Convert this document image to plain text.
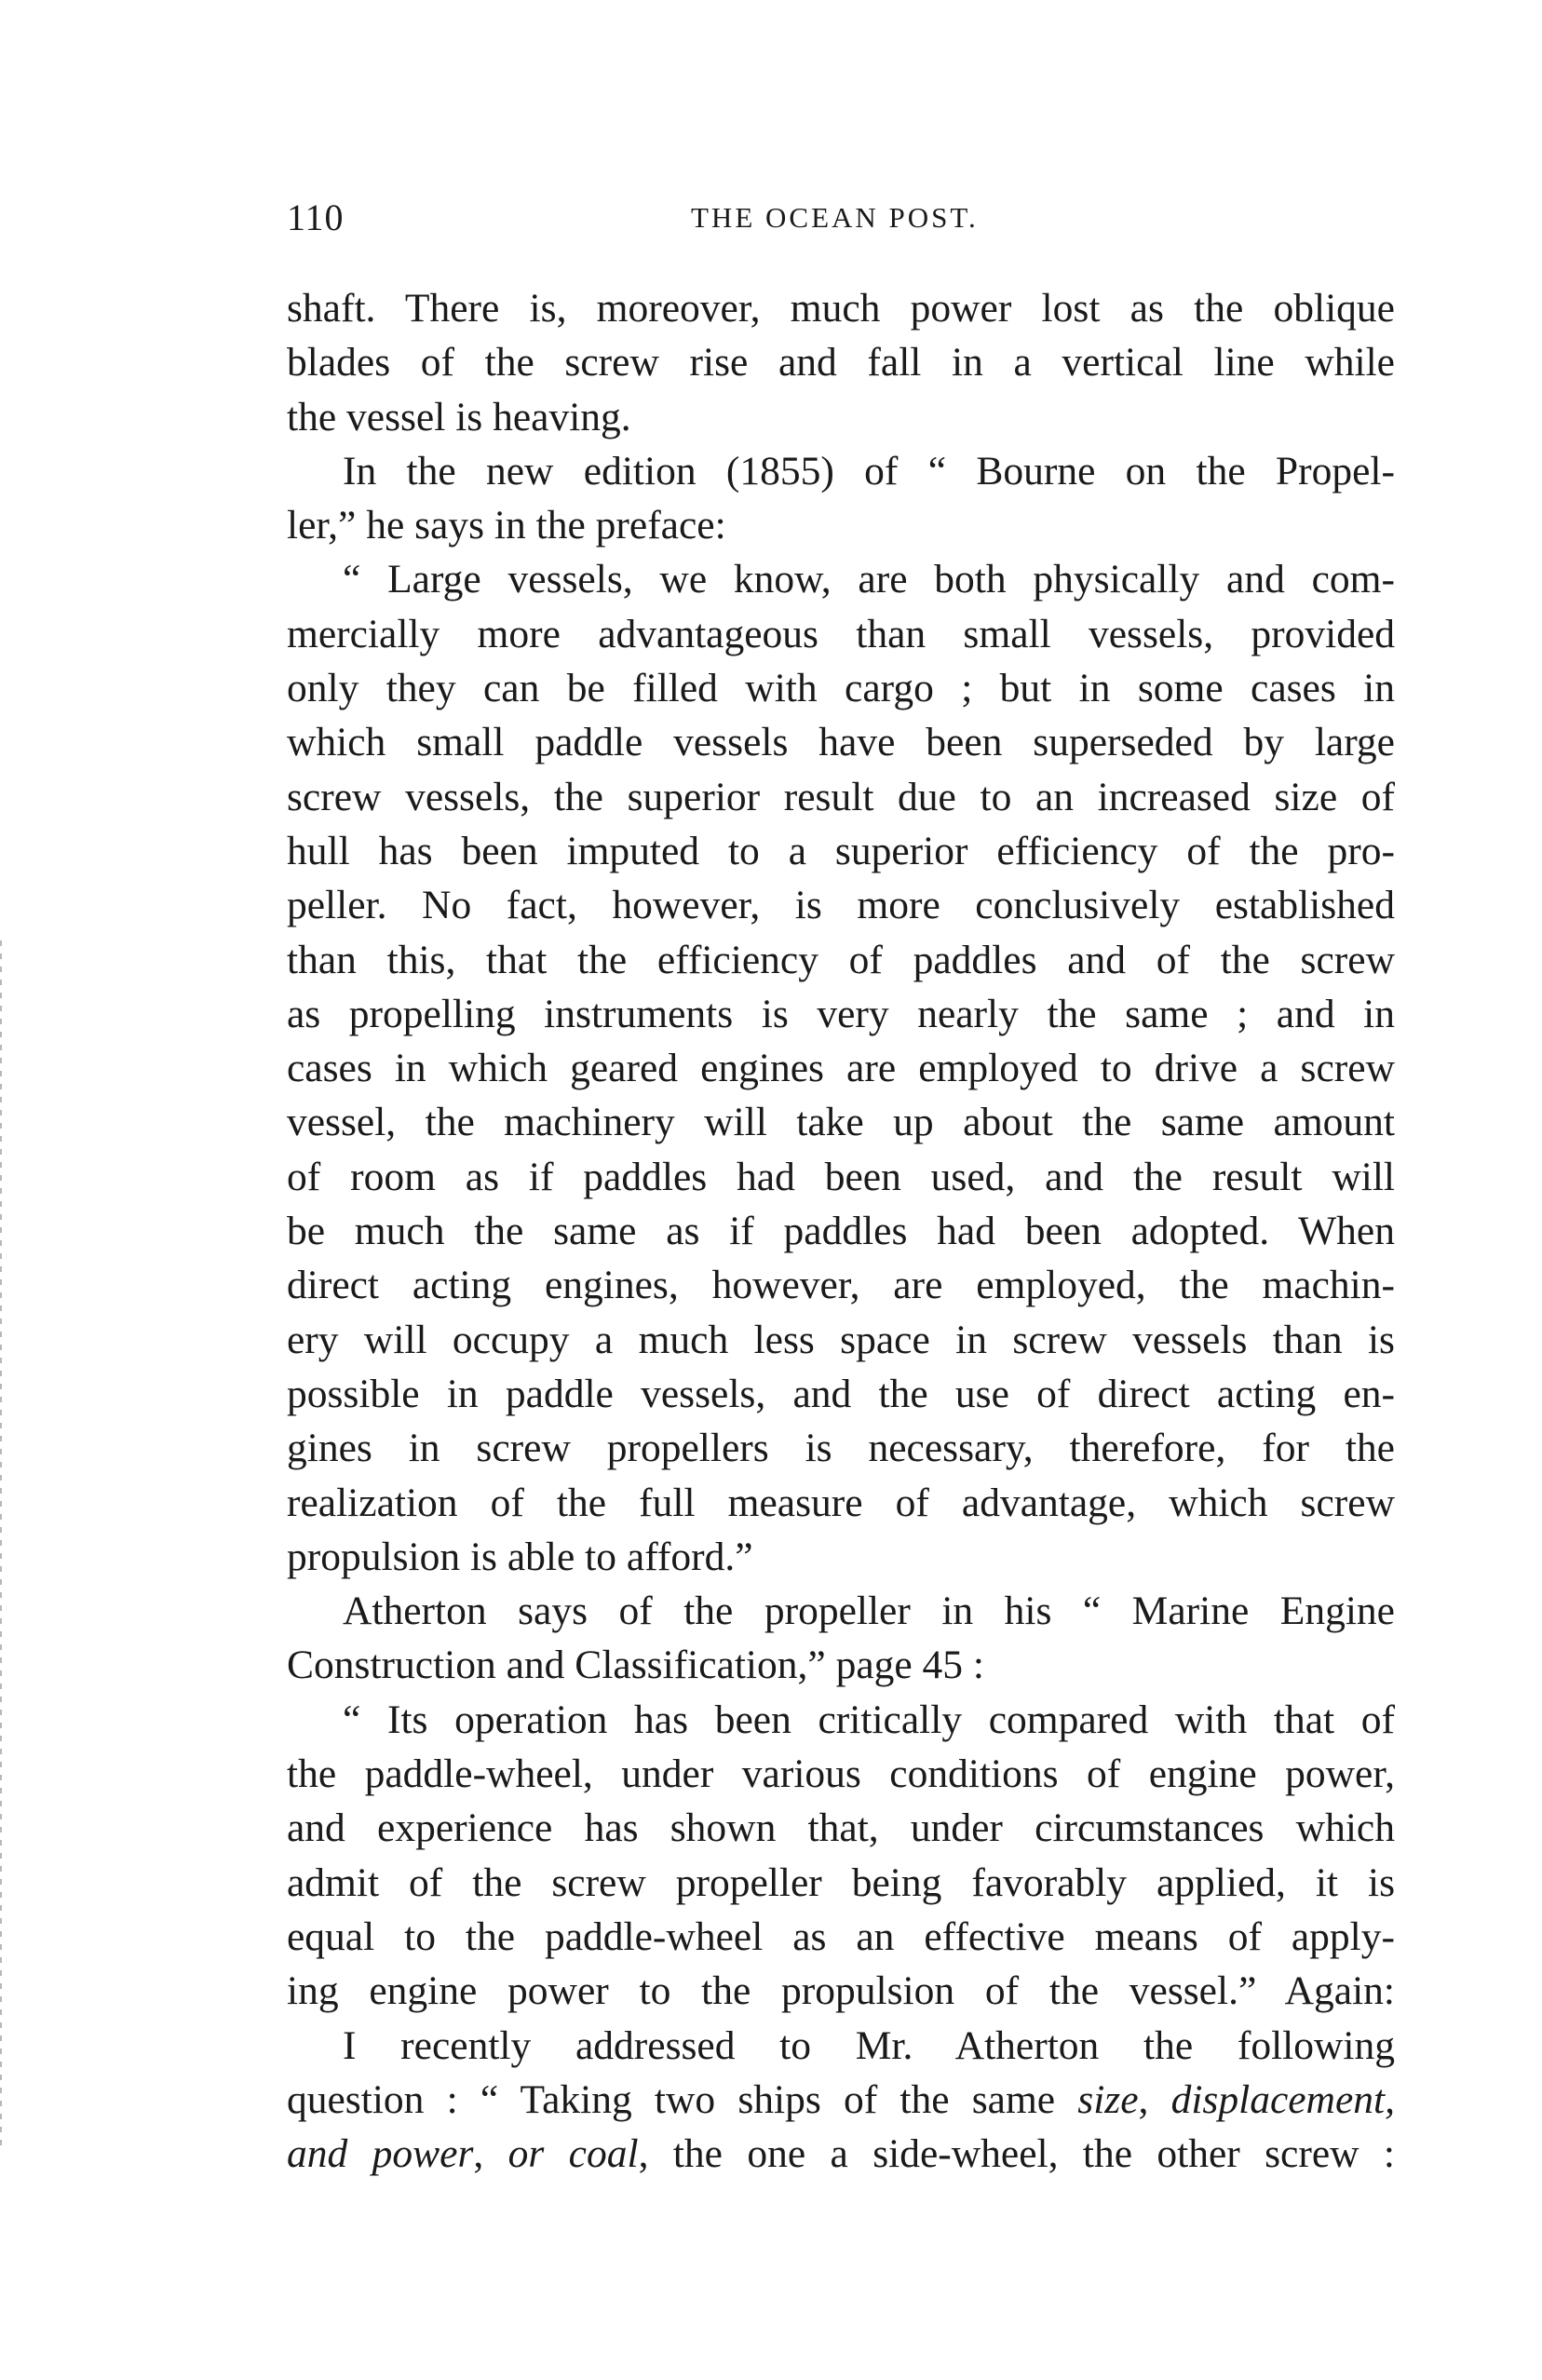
110	THE OCEAN POST.
shaft. There is, moreover, much power lost as the oblique
blades of the screw rise and fall in a vertical line while
the vessel is heaving.
In the new edition (1855) of “ Bourne on the Propel-
ler,” he says in the preface:
“ Large vessels, we know, are both physically and com-
mercially more advantageous than small vessels, provided
only they can be filled with cargo ; but in some cases in
which small paddle vessels have been superseded by large
screw vessels, the superior result due to an increased size of
hull has been imputed to a superior efficiency of the pro-
peller. No fact, however, is more conclusively established
than this, that the efficiency of paddles and of the screw
as propelling instruments is very nearly the same ; and in
cases in which geared engines are employed to drive a screw
vessel, the machinery will take up about the same amount
of room as if paddles had been used, and the result will
be much the same as if paddles had been adopted. When
direct acting engines, however, are employed, the machin-
ery will occupy a much less space in screw vessels than is
possible in paddle vessels, and the use of direct acting en-
gines in screw propellers is necessary, therefore, for the
realization of the full measure of advantage, which screw
propulsion is able to afford.”
Atherton says of the propeller in his “ Marine Engine
Construction and Classification,” page 45 :
“ Its operation has been critically compared with that of
the paddle-wheel, under various conditions of engine power,
and experience has shown that, under circumstances which
admit of the screw propeller being favorably applied, it is
equal to the paddle-wheel as an effective means of apply-
ing engine power to the propulsion of the vessel.” Again:
I recently addressed to Mr. Atherton the following
question : “ Taking two ships of the same size, displacement,
and power, or coal, the one a side-wheel, the other screw :
